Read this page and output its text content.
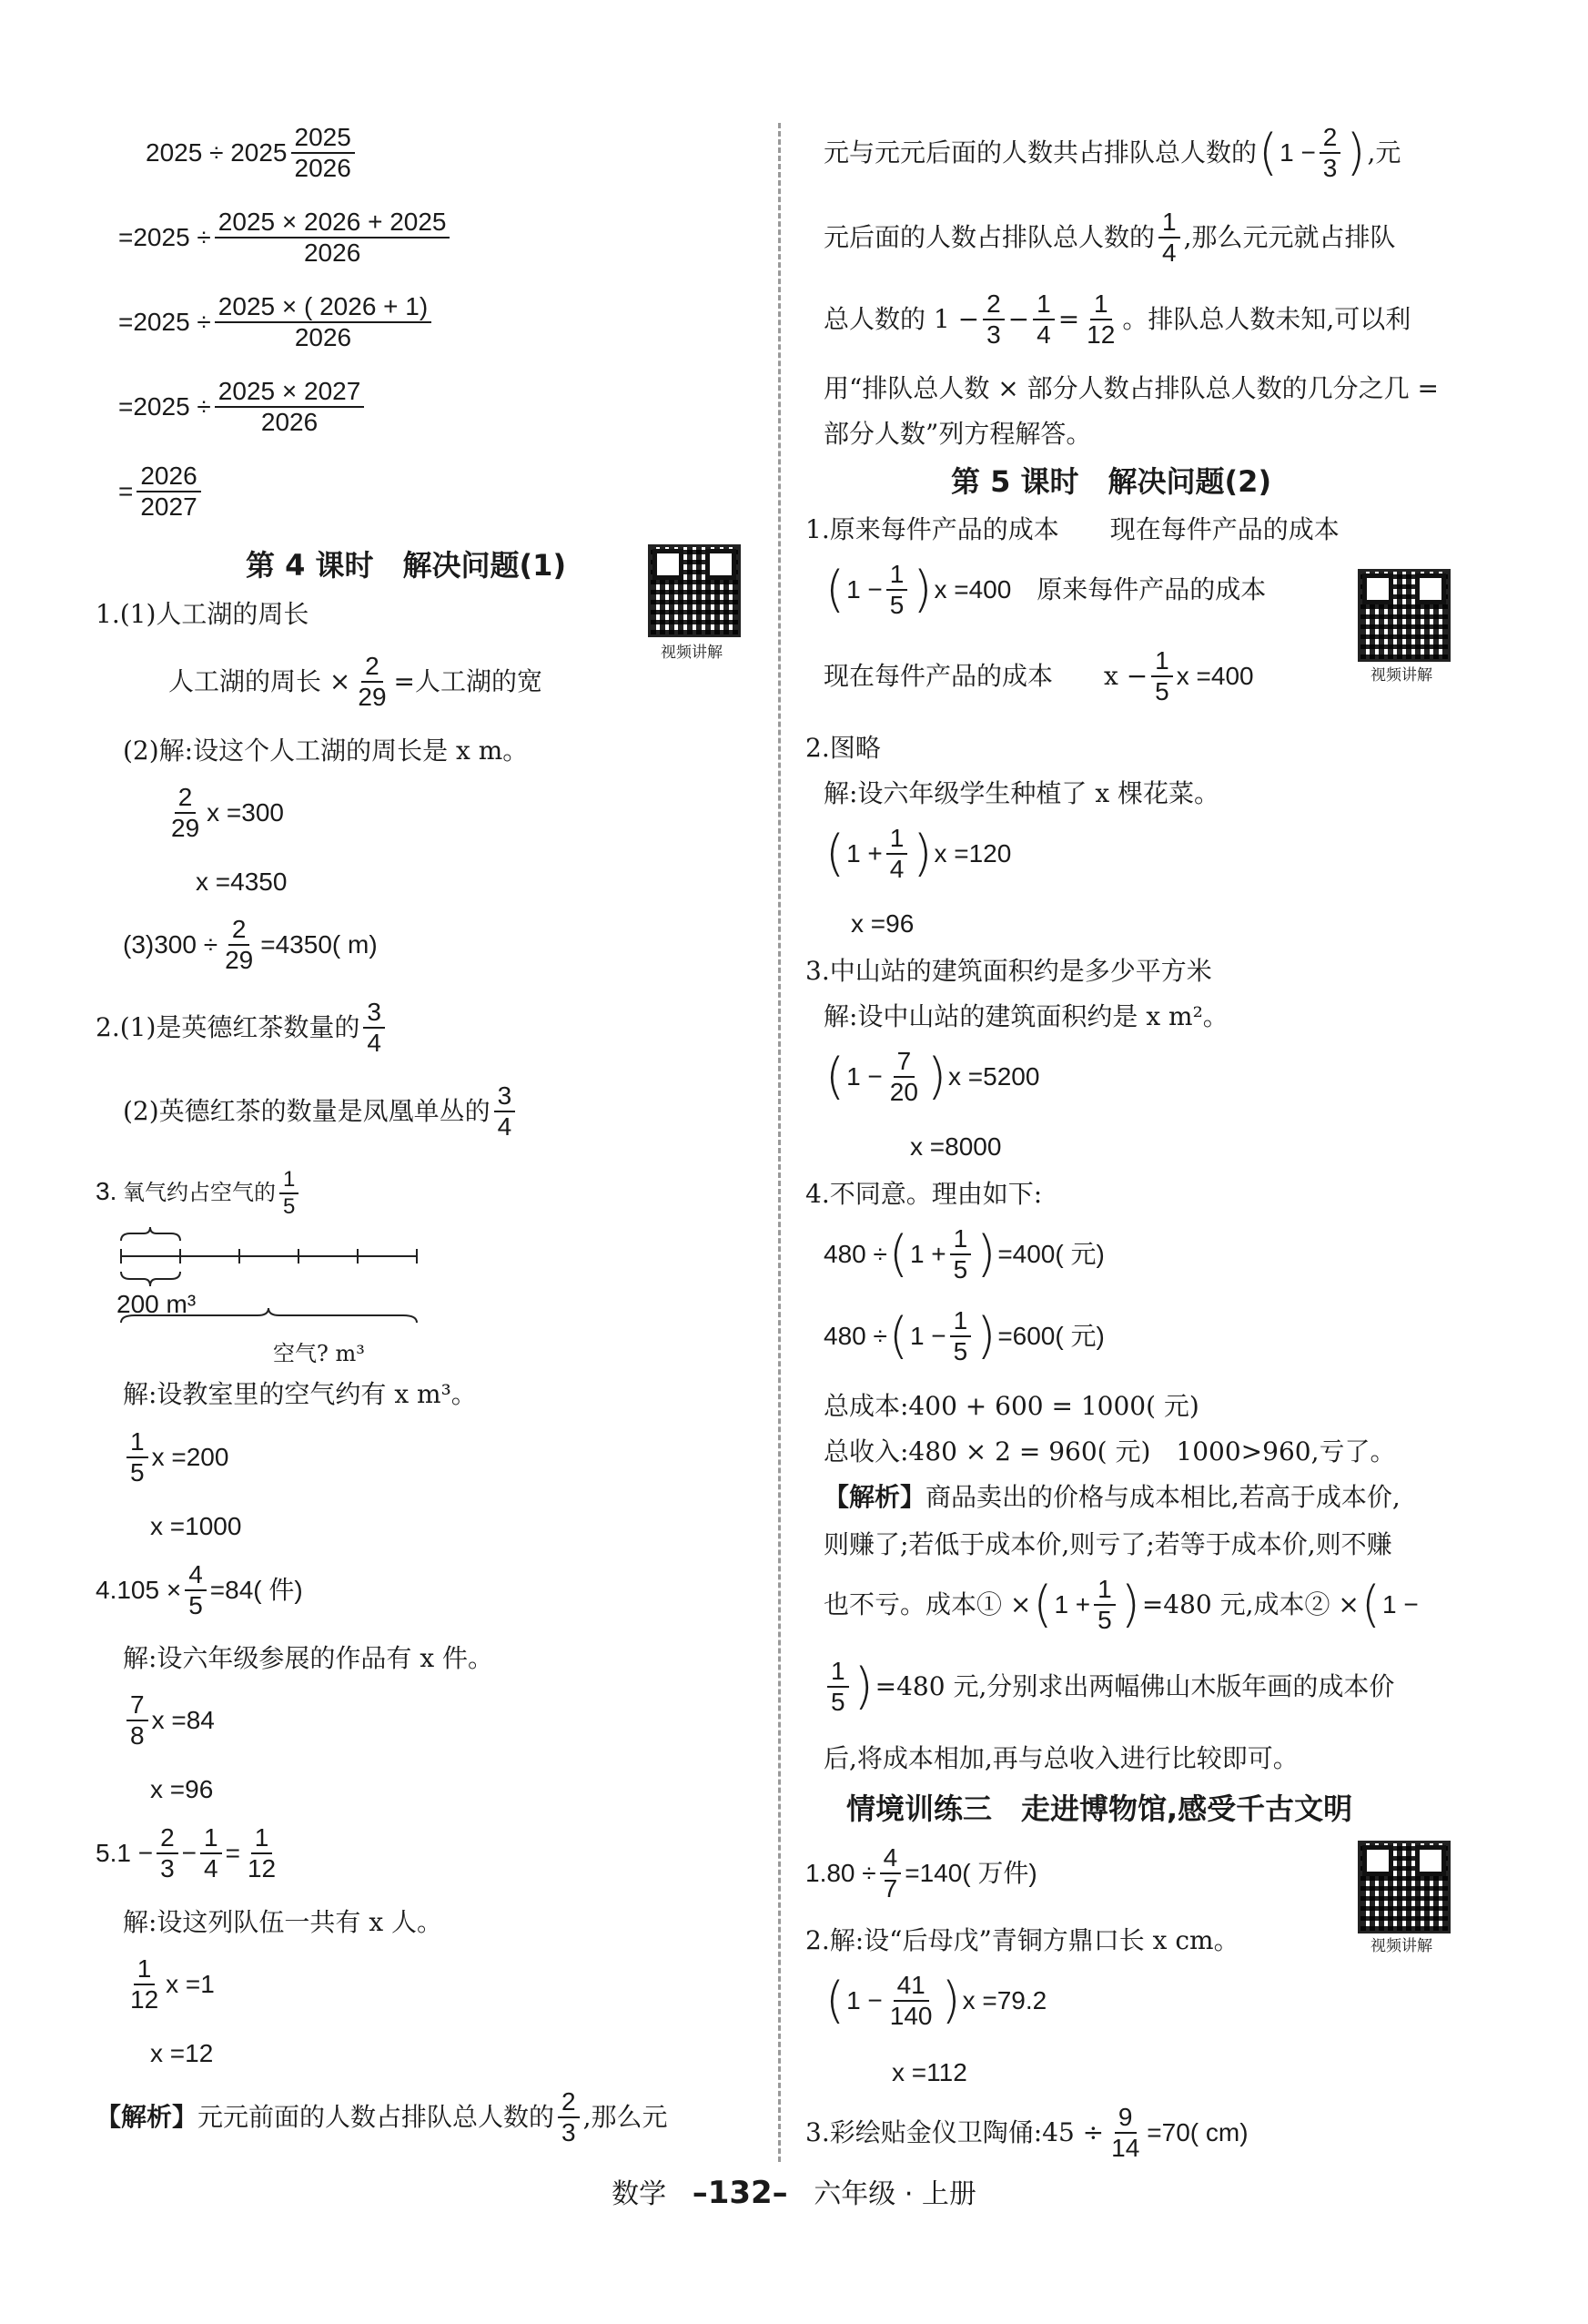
$2025 \div 2025 \frac{2025}{2026}$
$=2025 \div \frac{2025 \times 2026 + 2025}{2026}$
$=2025 \div \frac{2025 \times ( 2026 + 1)}{2026}$
$=2025 \div \frac{2025 \times 2027}{2026}$
= $\frac{2026}{2027}$
第 4 课时　解决问题(1)
视频讲解
1.(1)人工湖的周长
人工湖的周长 × $\frac{2}{29}$ =人工湖的宽
(2)解:设这个人工湖的周长是 x m。
$\frac{2}{29}$ x =300
x =4350
$(3)300 \div \frac{2}{29} =4350$( m)
2.(1)是英德红茶数量的 $\frac{3}{4}$
(2)英德红茶的数量是凤凰单丛的 $\frac{3}{4}$
3. 氧气约占空气的 $\frac{1}{5}$
200 m³
空气? m³
解:设教室里的空气约有 x m³。
$\frac{1}{5}$ x =200
x =1000
$4.105 \times \frac{4}{5} =84$( 件)
解:设六年级参展的作品有 x 件。
$\frac{7}{8}$ x =84
x =96
$5.1 - \frac{2}{3} - \frac{1}{4} = \frac{1}{12}$
解:设这列队伍一共有 x 人。
$\frac{1}{12}$ x =1
x =12
【解析】 元元前面的人数占排队总人数的 $\frac{2}{3}$ ,那么元
元与元元后面的人数共占排队总人数的 ( $1 - \frac{2}{3}$ ) ,元
元后面的人数占排队总人数的 $\frac{1}{4}$ ,那么元元就占排队
总人数的 $1 - \frac{2}{3} - \frac{1}{4} = \frac{1}{12}$ 。排队总人数未知,可以利
用“排队总人数 × 部分人数占排队总人数的几分之几 =
部分人数”列方程解答。
第 5 课时　解决问题(2)
视频讲解
1.原来每件产品的成本　　现在每件产品的成本
( $1 - \frac{1}{5}$ ) x =400　原来每件产品的成本
现在每件产品的成本　　$x - \frac{1}{5}$ x =400
2.图略
解:设六年级学生种植了 x 棵花菜。
( $1 + \frac{1}{4}$ ) x =120
x =96
3.中山站的建筑面积约是多少平方米
解:设中山站的建筑面积约是 x m²。
( $1 - \frac{7}{20}$ ) x =5200
x =8000
4.不同意。理由如下:
480 ÷ ( $1 + \frac{1}{5}$ ) =400( 元)
480 ÷ ( $1 - \frac{1}{5}$ ) =600( 元)
总成本:400 + 600 = 1000( 元)
总收入:480 × 2 = 960( 元)　1000>960,亏了。
【解析】 商品卖出的价格与成本相比,若高于成本价,
则赚了;若低于成本价,则亏了;若等于成本价,则不赚
也不亏。成本① × ( $1 + \frac{1}{5}$ ) =480 元,成本② × ( 1 −
$\frac{1}{5}$ ) =480 元,分别求出两幅佛山木版年画的成本价
后,将成本相加,再与总收入进行比较即可。
情境训练三　走进博物馆,感受千古文明
视频讲解
$1.80 \div \frac{4}{7} =140$( 万件)
2.解:设“后母戊”青铜方鼎口长 x cm。
( $1 - \frac{41}{140}$ ) x =79.2
x =112
3.彩绘贴金仪卫陶俑:45 ÷ $\frac{9}{14} =70$( cm)
数学 –132– 六年级 · 上册
